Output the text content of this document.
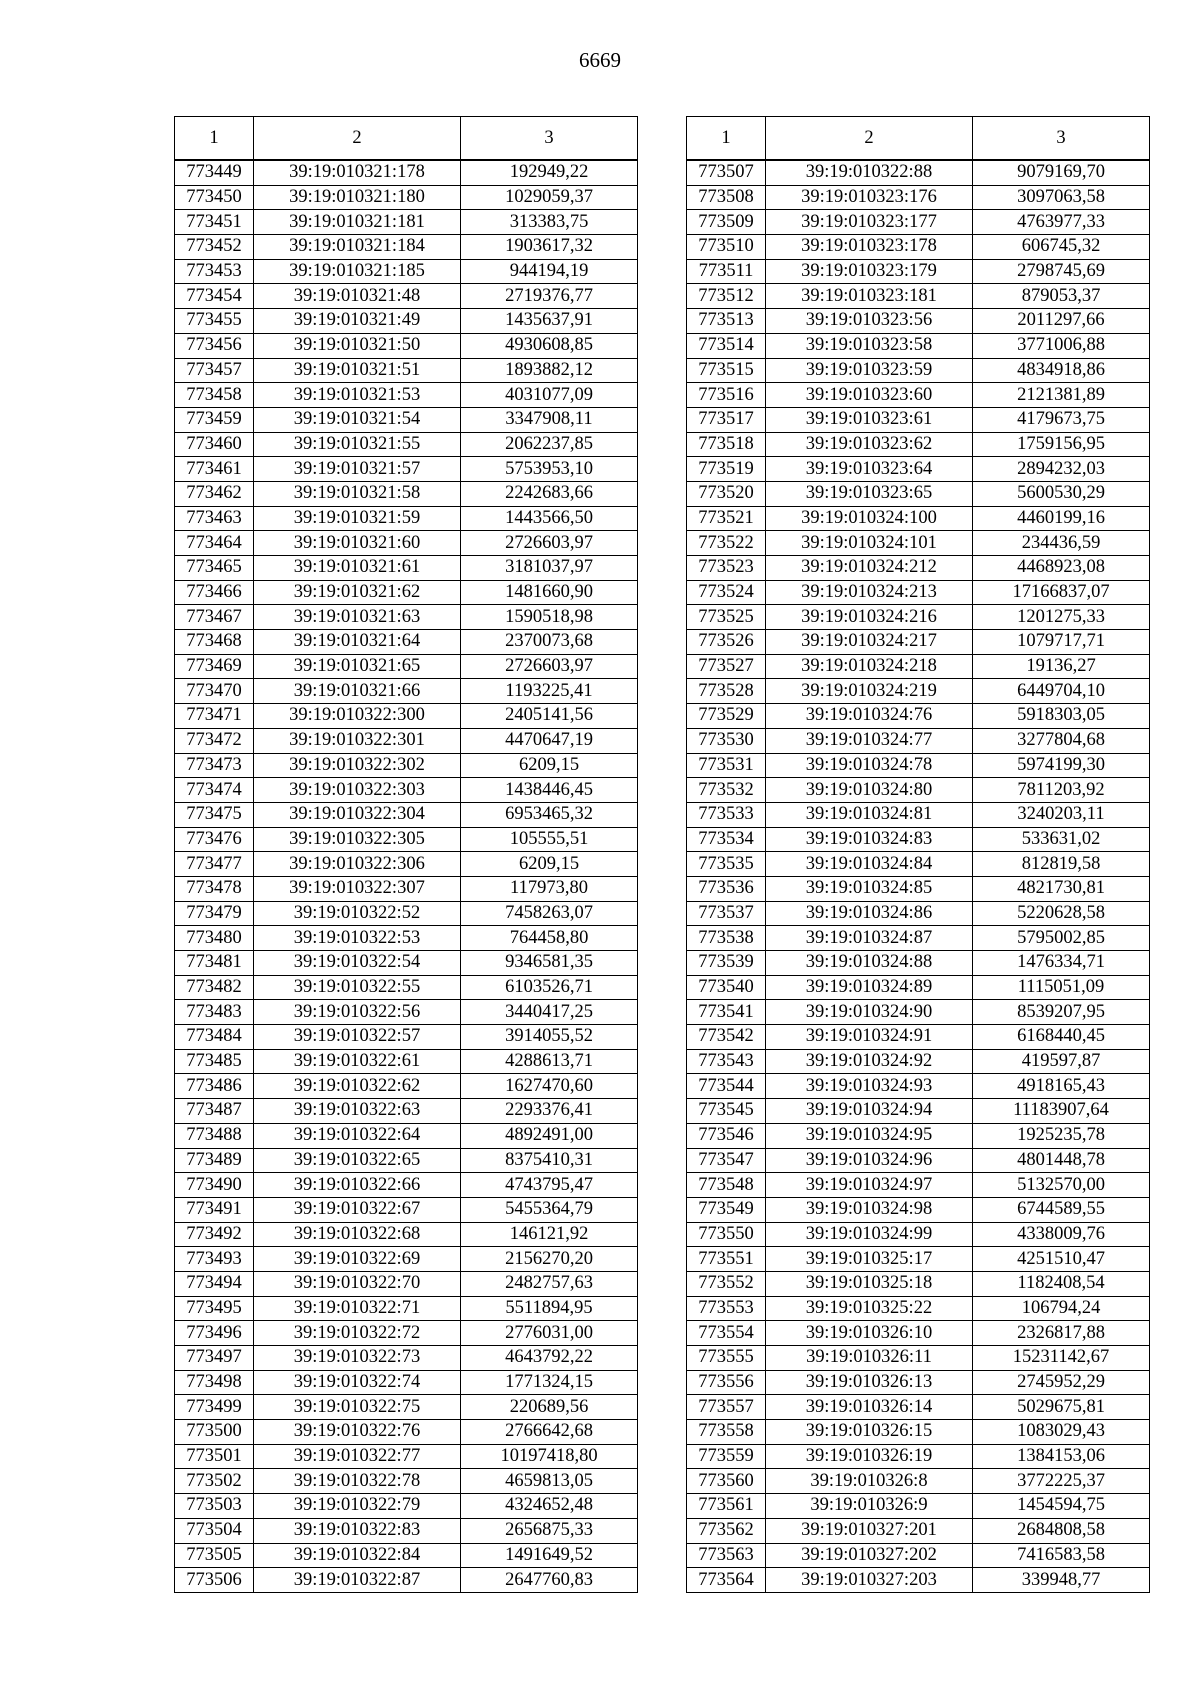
6669
1	2	3
773449	39:19:010321:178	192949,22
773450	39:19:010321:180	1029059,37
773451	39:19:010321:181	313383,75
773452	39:19:010321:184	1903617,32
773453	39:19:010321:185	944194,19
773454	39:19:010321:48	2719376,77
773455	39:19:010321:49	1435637,91
773456	39:19:010321:50	4930608,85
773457	39:19:010321:51	1893882,12
773458	39:19:010321:53	4031077,09
773459	39:19:010321:54	3347908,11
773460	39:19:010321:55	2062237,85
773461	39:19:010321:57	5753953,10
773462	39:19:010321:58	2242683,66
773463	39:19:010321:59	1443566,50
773464	39:19:010321:60	2726603,97
773465	39:19:010321:61	3181037,97
773466	39:19:010321:62	1481660,90
773467	39:19:010321:63	1590518,98
773468	39:19:010321:64	2370073,68
773469	39:19:010321:65	2726603,97
773470	39:19:010321:66	1193225,41
773471	39:19:010322:300	2405141,56
773472	39:19:010322:301	4470647,19
773473	39:19:010322:302	6209,15
773474	39:19:010322:303	1438446,45
773475	39:19:010322:304	6953465,32
773476	39:19:010322:305	105555,51
773477	39:19:010322:306	6209,15
773478	39:19:010322:307	117973,80
773479	39:19:010322:52	7458263,07
773480	39:19:010322:53	764458,80
773481	39:19:010322:54	9346581,35
773482	39:19:010322:55	6103526,71
773483	39:19:010322:56	3440417,25
773484	39:19:010322:57	3914055,52
773485	39:19:010322:61	4288613,71
773486	39:19:010322:62	1627470,60
773487	39:19:010322:63	2293376,41
773488	39:19:010322:64	4892491,00
773489	39:19:010322:65	8375410,31
773490	39:19:010322:66	4743795,47
773491	39:19:010322:67	5455364,79
773492	39:19:010322:68	146121,92
773493	39:19:010322:69	2156270,20
773494	39:19:010322:70	2482757,63
773495	39:19:010322:71	5511894,95
773496	39:19:010322:72	2776031,00
773497	39:19:010322:73	4643792,22
773498	39:19:010322:74	1771324,15
773499	39:19:010322:75	220689,56
773500	39:19:010322:76	2766642,68
773501	39:19:010322:77	10197418,80
773502	39:19:010322:78	4659813,05
773503	39:19:010322:79	4324652,48
773504	39:19:010322:83	2656875,33
773505	39:19:010322:84	1491649,52
773506	39:19:010322:87	2647760,83
1	2	3
773507	39:19:010322:88	9079169,70
773508	39:19:010323:176	3097063,58
773509	39:19:010323:177	4763977,33
773510	39:19:010323:178	606745,32
773511	39:19:010323:179	2798745,69
773512	39:19:010323:181	879053,37
773513	39:19:010323:56	2011297,66
773514	39:19:010323:58	3771006,88
773515	39:19:010323:59	4834918,86
773516	39:19:010323:60	2121381,89
773517	39:19:010323:61	4179673,75
773518	39:19:010323:62	1759156,95
773519	39:19:010323:64	2894232,03
773520	39:19:010323:65	5600530,29
773521	39:19:010324:100	4460199,16
773522	39:19:010324:101	234436,59
773523	39:19:010324:212	4468923,08
773524	39:19:010324:213	17166837,07
773525	39:19:010324:216	1201275,33
773526	39:19:010324:217	1079717,71
773527	39:19:010324:218	19136,27
773528	39:19:010324:219	6449704,10
773529	39:19:010324:76	5918303,05
773530	39:19:010324:77	3277804,68
773531	39:19:010324:78	5974199,30
773532	39:19:010324:80	7811203,92
773533	39:19:010324:81	3240203,11
773534	39:19:010324:83	533631,02
773535	39:19:010324:84	812819,58
773536	39:19:010324:85	4821730,81
773537	39:19:010324:86	5220628,58
773538	39:19:010324:87	5795002,85
773539	39:19:010324:88	1476334,71
773540	39:19:010324:89	1115051,09
773541	39:19:010324:90	8539207,95
773542	39:19:010324:91	6168440,45
773543	39:19:010324:92	419597,87
773544	39:19:010324:93	4918165,43
773545	39:19:010324:94	11183907,64
773546	39:19:010324:95	1925235,78
773547	39:19:010324:96	4801448,78
773548	39:19:010324:97	5132570,00
773549	39:19:010324:98	6744589,55
773550	39:19:010324:99	4338009,76
773551	39:19:010325:17	4251510,47
773552	39:19:010325:18	1182408,54
773553	39:19:010325:22	106794,24
773554	39:19:010326:10	2326817,88
773555	39:19:010326:11	15231142,67
773556	39:19:010326:13	2745952,29
773557	39:19:010326:14	5029675,81
773558	39:19:010326:15	1083029,43
773559	39:19:010326:19	1384153,06
773560	39:19:010326:8	3772225,37
773561	39:19:010326:9	1454594,75
773562	39:19:010327:201	2684808,58
773563	39:19:010327:202	7416583,58
773564	39:19:010327:203	339948,77
